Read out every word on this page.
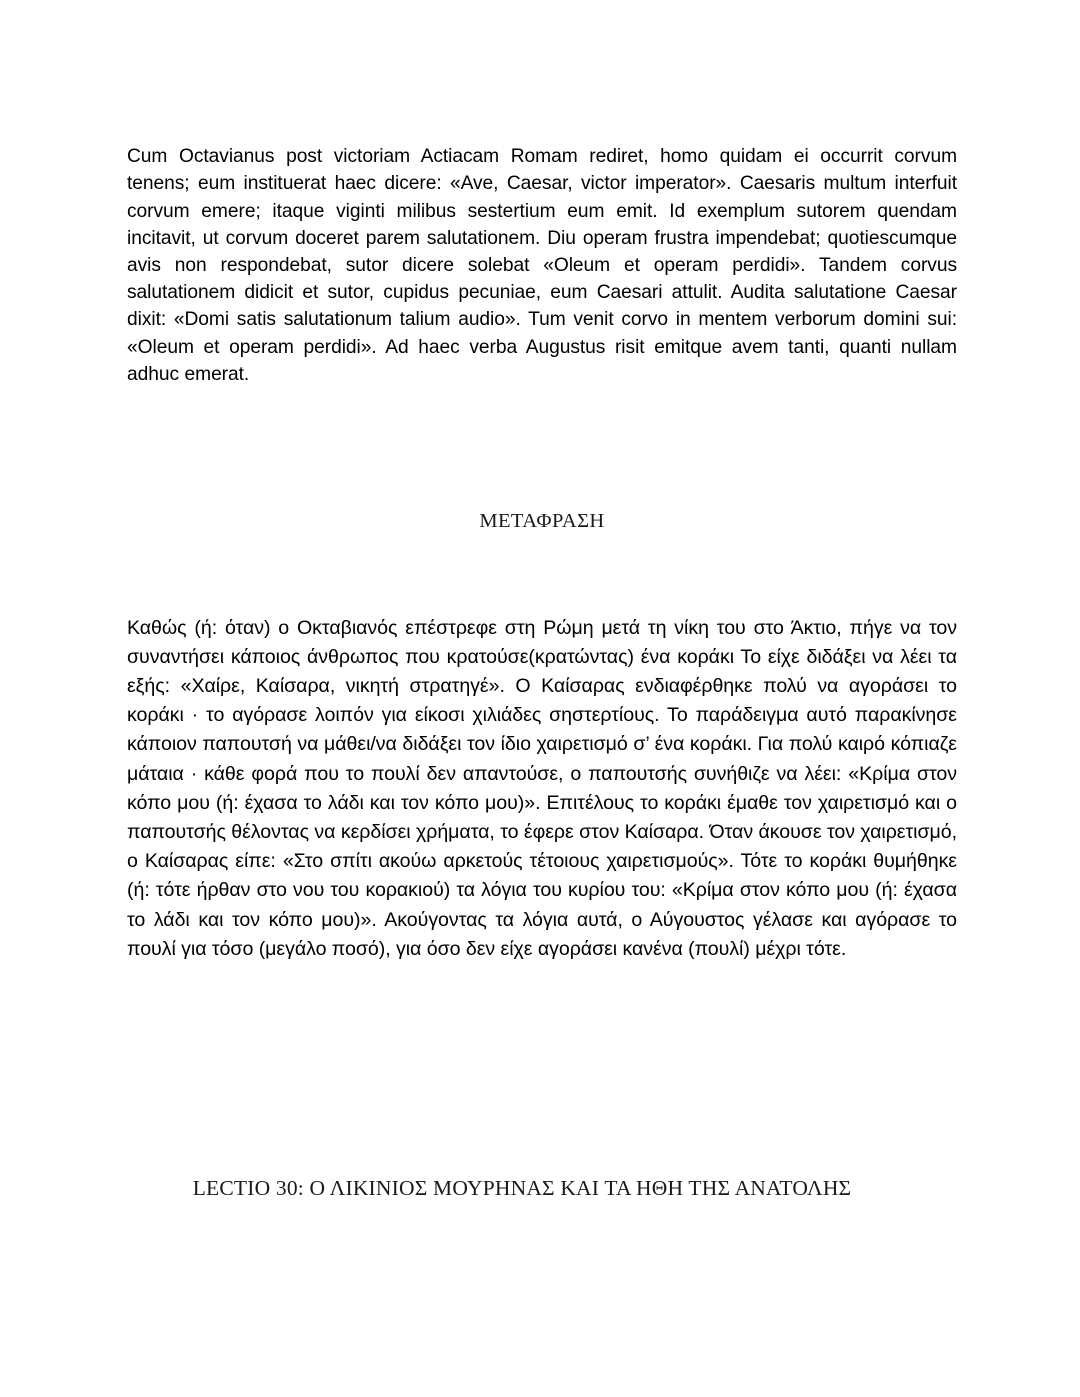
Cum Octavianus post victoriam Actiacam Romam rediret, homo quidam ei occurrit corvum tenens; eum instituerat haec dicere: «Ave, Caesar, victor imperator». Caesaris multum interfuit corvum emere; itaque viginti milibus sestertium eum emit. Id exemplum sutorem quendam incitavit, ut corvum doceret parem salutationem. Diu operam frustra impendebat; quotiescumque avis non respondebat, sutor dicere solebat «Oleum et operam perdidi». Tandem corvus salutationem didicit et sutor, cupidus pecuniae, eum Caesari attulit. Audita salutatione Caesar dixit: «Domi satis salutationum talium audio». Tum venit corvo in mentem verborum domini sui: «Oleum et operam perdidi». Ad haec verba Augustus risit emitque avem tanti, quanti nullam adhuc emerat.

ΜΕΤΑΦΡΑΣΗ

Καθώς (ή: όταν) ο Οκταβιανός επέστρεφε στη Ρώμη μετά τη νίκη του στο Άκτιο, πήγε να τον συναντήσει κάποιος άνθρωπος που κρατούσε(κρατώντας) ένα κοράκι Το είχε διδάξει να λέει τα εξής: «Χαίρε, Καίσαρα, νικητή στρατηγέ». Ο Καίσαρας ενδιαφέρθηκε πολύ να αγοράσει το κοράκι · το αγόρασε λοιπόν για είκοσι χιλιάδες σηστερτίους. Το παράδειγμα αυτό παρακίνησε κάποιον παπουτσή να μάθει/να διδάξει τον ίδιο χαιρετισμό σ’ ένα κοράκι. Για πολύ καιρό κόπιαζε μάταια · κάθε φορά που το πουλί δεν απαντούσε, ο παπουτσής συνήθιζε να λέει: «Κρίμα στον κόπο μου (ή: έχασα το λάδι και τον κόπο μου)». Επιτέλους το κοράκι έμαθε τον χαιρετισμό και ο παπουτσής θέλοντας να κερδίσει χρήματα, το έφερε στον Καίσαρα. Όταν άκουσε τον χαιρετισμό, ο Καίσαρας είπε: «Στο σπίτι ακούω αρκετούς τέτοιους χαιρετισμούς». Τότε το κοράκι θυμήθηκε (ή: τότε ήρθαν στο νου του κορακιού) τα λόγια του κυρίου του: «Κρίμα στον κόπο μου (ή: έχασα το λάδι και τον κόπο μου)». Ακούγοντας τα λόγια αυτά, ο Αύγουστος γέλασε και αγόρασε το πουλί για τόσο (μεγάλο ποσό), για όσο δεν είχε αγοράσει κανένα (πουλί) μέχρι τότε.

LECTIO 30: Ο ΛΙΚΙΝΙΟΣ ΜΟΥΡΗΝΑΣ ΚΑΙ ΤΑ ΗΘΗ ΤΗΣ ΑΝΑΤΟΛΗΣ
